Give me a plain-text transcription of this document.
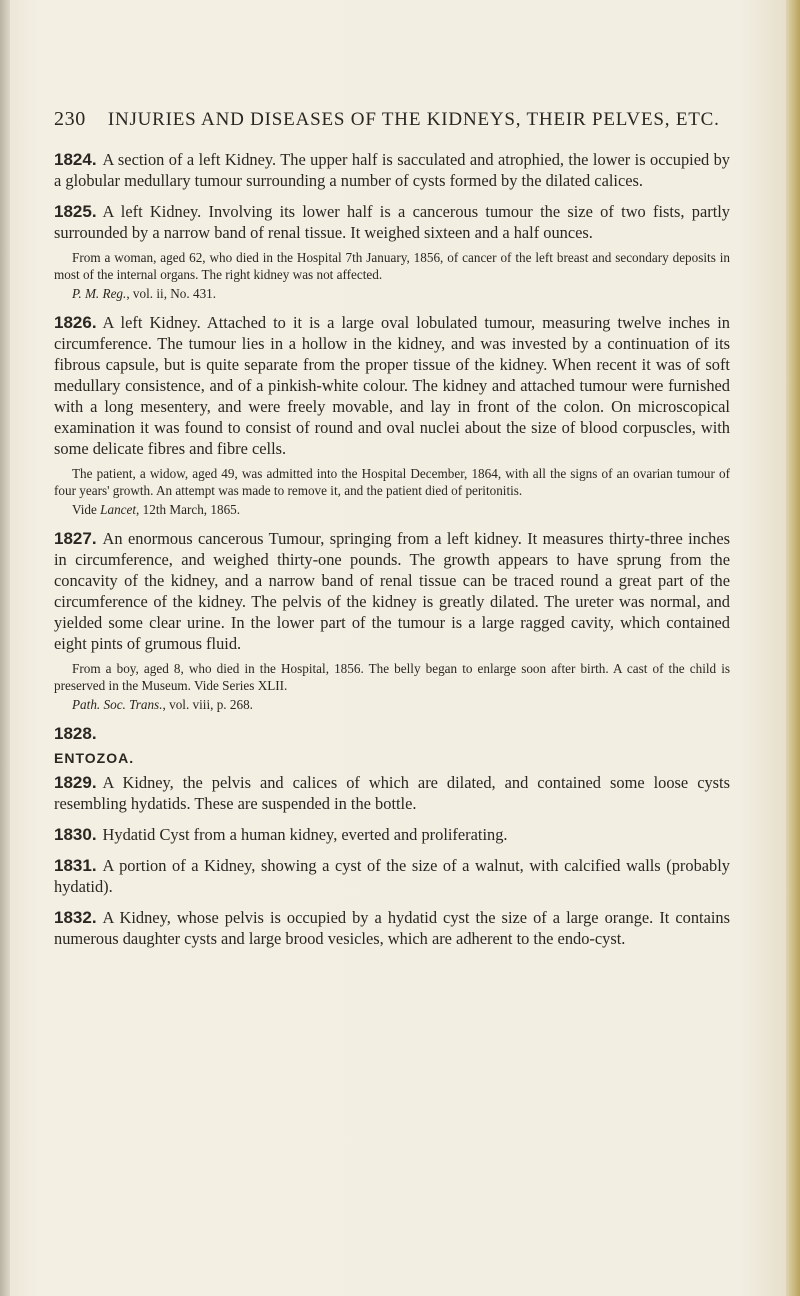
230 INJURIES AND DISEASES OF THE KIDNEYS, THEIR PELVES, ETC.

1824. A section of a left Kidney. The upper half is sacculated and atrophied, the lower is occupied by a globular medullary tumour surrounding a number of cysts formed by the dilated calices.

1825. A left Kidney. Involving its lower half is a cancerous tumour the size of two fists, partly surrounded by a narrow band of renal tissue. It weighed sixteen and a half ounces.

From a woman, aged 62, who died in the Hospital 7th January, 1856, of cancer of the left breast and secondary deposits in most of the internal organs. The right kidney was not affected.

P. M. Reg., vol. ii, No. 431.

1826. A left Kidney. Attached to it is a large oval lobulated tumour, measuring twelve inches in circumference. The tumour lies in a hollow in the kidney, and was invested by a continuation of its fibrous capsule, but is quite separate from the proper tissue of the kidney. When recent it was of soft medullary consistence, and of a pinkish-white colour. The kidney and attached tumour were furnished with a long mesentery, and were freely movable, and lay in front of the colon. On microscopical examination it was found to consist of round and oval nuclei about the size of blood corpuscles, with some delicate fibres and fibre cells.

The patient, a widow, aged 49, was admitted into the Hospital December, 1864, with all the signs of an ovarian tumour of four years' growth. An attempt was made to remove it, and the patient died of peritonitis.

Vide Lancet, 12th March, 1865.

1827. An enormous cancerous Tumour, springing from a left kidney. It measures thirty-three inches in circumference, and weighed thirty-one pounds. The growth appears to have sprung from the concavity of the kidney, and a narrow band of renal tissue can be traced round a great part of the circumference of the kidney. The pelvis of the kidney is greatly dilated. The ureter was normal, and yielded some clear urine. In the lower part of the tumour is a large ragged cavity, which contained eight pints of grumous fluid.

From a boy, aged 8, who died in the Hospital, 1856. The belly began to enlarge soon after birth. A cast of the child is preserved in the Museum. Vide Series XLII.

Path. Soc. Trans., vol. viii, p. 268.

1828.

ENTOZOA.

1829. A Kidney, the pelvis and calices of which are dilated, and contained some loose cysts resembling hydatids. These are suspended in the bottle.

1830. Hydatid Cyst from a human kidney, everted and proliferating.

1831. A portion of a Kidney, showing a cyst of the size of a walnut, with calcified walls (probably hydatid).

1832. A Kidney, whose pelvis is occupied by a hydatid cyst the size of a large orange. It contains numerous daughter cysts and large brood vesicles, which are adherent to the endo-cyst.
